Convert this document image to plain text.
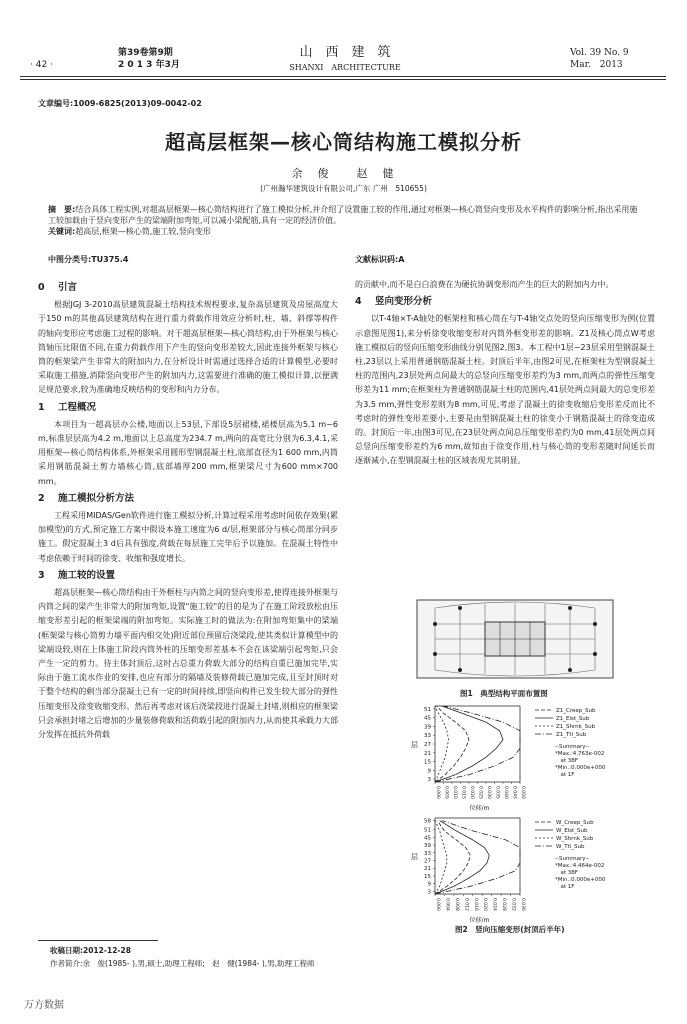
· 42 ·
第39卷第9期
2 0 1 3 年3月
山　西　建　筑
SHANXI　ARCHITECTURE
Vol. 39 No. 9
Mar.　2013
文章编号:1009-6825(2013)09-0042-02
超高层框架—核心筒结构施工模拟分析
余　俊　　赵　健
(广州瀚华建筑设计有限公司,广东 广州　510655)
摘　要:结合具体工程实例,对超高层框架—核心筒结构进行了施工模拟分析,并介绍了设置施工较的作用,通过对框架—核心筒竖向变形及水平构件的影响分析,指出采用施工较加载由于竖向变形产生的梁端附加弯矩,可以减小梁配筋,具有一定的经济价值。
关键词:超高层,框架—核心筒,施工较,竖向变形
中图分类号:TU375.4	文献标识码:A
0 引言

根据JGJ 3-2010高层建筑混凝土结构技术规程要求,复杂高层建筑及房屋高度大于150 m的其他高层建筑结构在进行重力荷载作用效应分析时,柱、墙、斜撑等构件的轴向变形应考虑施工过程的影响。对于超高层框架—核心筒结构,由于外框架与核心筒轴压比限值不同,在重力荷载作用下产生的竖向变形差较大,因此连接外框架与核心筒的框架梁产生非常大的附加内力,在分析设计时需通过选择合适的计算模型,必要时采取施工措施,消除竖向变形产生的附加内力,这需要进行准确的施工模拟计算,以便满足规范要求,较为准确地反映结构的变形和内力分布。

1 工程概况

本项目为一超高层办公楼,地面以上53层,下部设5层裙楼,裙楼层高为5.1 m~6 m,标准层层高为4.2 m,地面以上总高度为234.7 m,两向的高宽比分别为6.3,4.1,采用框架—核心筒结构体系,外框架采用圆形型钢混凝土柱,底部直径为1 600 mm,内筒采用钢筋混凝土剪力墙核心筒,底部墙厚200 mm,框架梁尺寸为600 mm×700 mm。

2 施工模拟分析方法

工程采用MIDAS/Gen软件进行施工模拟分析,计算过程采用考虑时间依存效果(累加模型)的方式,预定施工方案中假设本施工速度为6 d/层,框架部分与核心筒部分同步施工。假定混凝土3 d后具有强度,荷载在每层施工完毕后予以施加。在混凝土特性中考虑依赖于时间的徐变、收缩和强度增长。

3 施工较的设置

超高层框架—核心筒结构由于外框柱与内筒之间的竖向变形差,使得连接外框架与内筒之间的梁产生非常大的附加弯矩,设置"施工较"的目的是为了在施工阶段放松由压缩变形差引起的框架梁端的附加弯矩。实际施工时的做法为:在附加弯矩集中的梁端(框架梁与核心筒剪力墙平面内相交处)附近部位预留后浇梁段,使其类似计算模型中的梁端设较,则在上体施工阶段内筒外柱的压缩变形差基本不会在该梁端引起弯矩,只会产生一定的剪力。待主体封顶后,这时占总重力荷载大部分的结构自重已施加完毕,实际由于施工流水作业的安排,也应有部分的隔墙及装修荷载已施加完成,且至封顶时对于整个结构的剩当部分混凝土已有一定的时间持续,即竖向构件已发生较大部分的弹性压缩变形及徐变收缩变形。然后再考虑对该后浇梁段进行混凝土封堵,则相应的框架梁只会承担封堵之后增加的少量装修荷载和活荷载引起的附加内力,从而使其承载力大部分发挥在抵抗外荷载

的贡献中,而不是白白浪费在为硬抗协调变形而产生的巨大的附加内力中。

4 竖向变形分析

以T-4轴×T-A轴处的框架柱和核心筒在与T-4轴交点处的竖向压缩变形为例(位置示意图见图1),来分析徐变收缩变形对内筒外框变形差的影响。Z1及核心筒点W考虑施工模拟后的竖向压缩变形曲线分别见图2,图3。本工程中1层~23层采用型钢混凝土柱,23层以上采用普通钢筋混凝土柱。封顶后半年,由图2可见,在框架柱为型钢混凝土柱的范围内,23层处两点间最大的总竖向压缩变形差约为3 mm,而两点的弹性压缩变形差为11 mm;在框架柱为普通钢筋混凝土柱的范围内,41层处两点间最大的总变形差为3.5 mm,弹性变形差则为8 mm,可见,考虑了混凝土的徐变收缩后变形差反而比不考虑时的弹性变形差要小,主要是由型钢混凝土柱的徐变小于钢筋混凝土的徐变造成的。封顶后一年,由图3可见,在23层处两点间总压缩变形差约为0 mm,41层处两点间总竖向压缩变形差约为6 mm,故知由于徐变作用,柱与核心筒的变形差随时间延长而逐渐减小,在型钢混凝土柱的区域表现尤其明显。

图1　典型结构平面布置图
51
45
39
33
27
21
15
9
3
层
0.000 0.005 0.010 0.015 0.020 0.025 0.030 0.035 0.040 0.045 0.050
位移/m
Z1_Creep_Sub
Z1_Elst_Sub
Z1_Shrnk_Sub
Z1_Ttl_Sub
--Summary--
*Max.:4.763e-002
　at 38F
*Min.:0.000e+000
　at 1F
58
51
45
39
33
27
21
15
9
3
层
0.000 0.004 0.008 0.012 0.016 0.020 0.024 0.028 0.032 0.036
位移/m
W_Creep_Sub
W_Elst_Sub
W_Shrnk_Sub
W_Ttl_Sub
--Summary--
*Max.:4.464e-002
　at 38F
*Min.:0.000e+000
　at 1F
图2　竖向压缩变形(封顶后半年)
收稿日期:2012-12-28
作者简介:余　俊(1985- ),男,硕士,助理工程师;　赵　健(1984- ),男,助理工程师
万方数据
